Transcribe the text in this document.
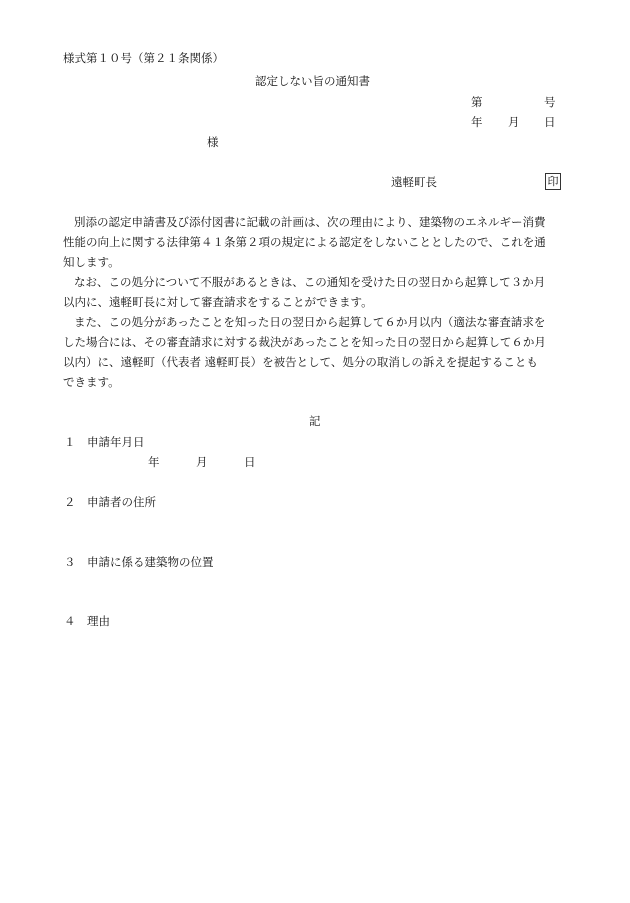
様式第１０号（第２１条関係）
認定しない旨の通知書
第	号
年 月 日
様
遠軽町長	印
別添の認定申請書及び添付図書に記載の計画は、次の理由により、建築物のエネルギー消費
性能の向上に関する法律第４１条第２項の規定による認定をしないこととしたので、これを通
知します。
なお、この処分について不服があるときは、この通知を受けた日の翌日から起算して３か月
以内に、遠軽町長に対して審査請求をすることができます。
また、この処分があったことを知った日の翌日から起算して６か月以内（適法な審査請求を
した場合には、その審査請求に対する裁決があったことを知った日の翌日から起算して６か月
以内）に、遠軽町（代表者 遠軽町長）を被告として、処分の取消しの訴えを提起することも
できます。
記
１ 申請年月日
年	月	日
２ 申請者の住所
３ 申請に係る建築物の位置
４ 理由
